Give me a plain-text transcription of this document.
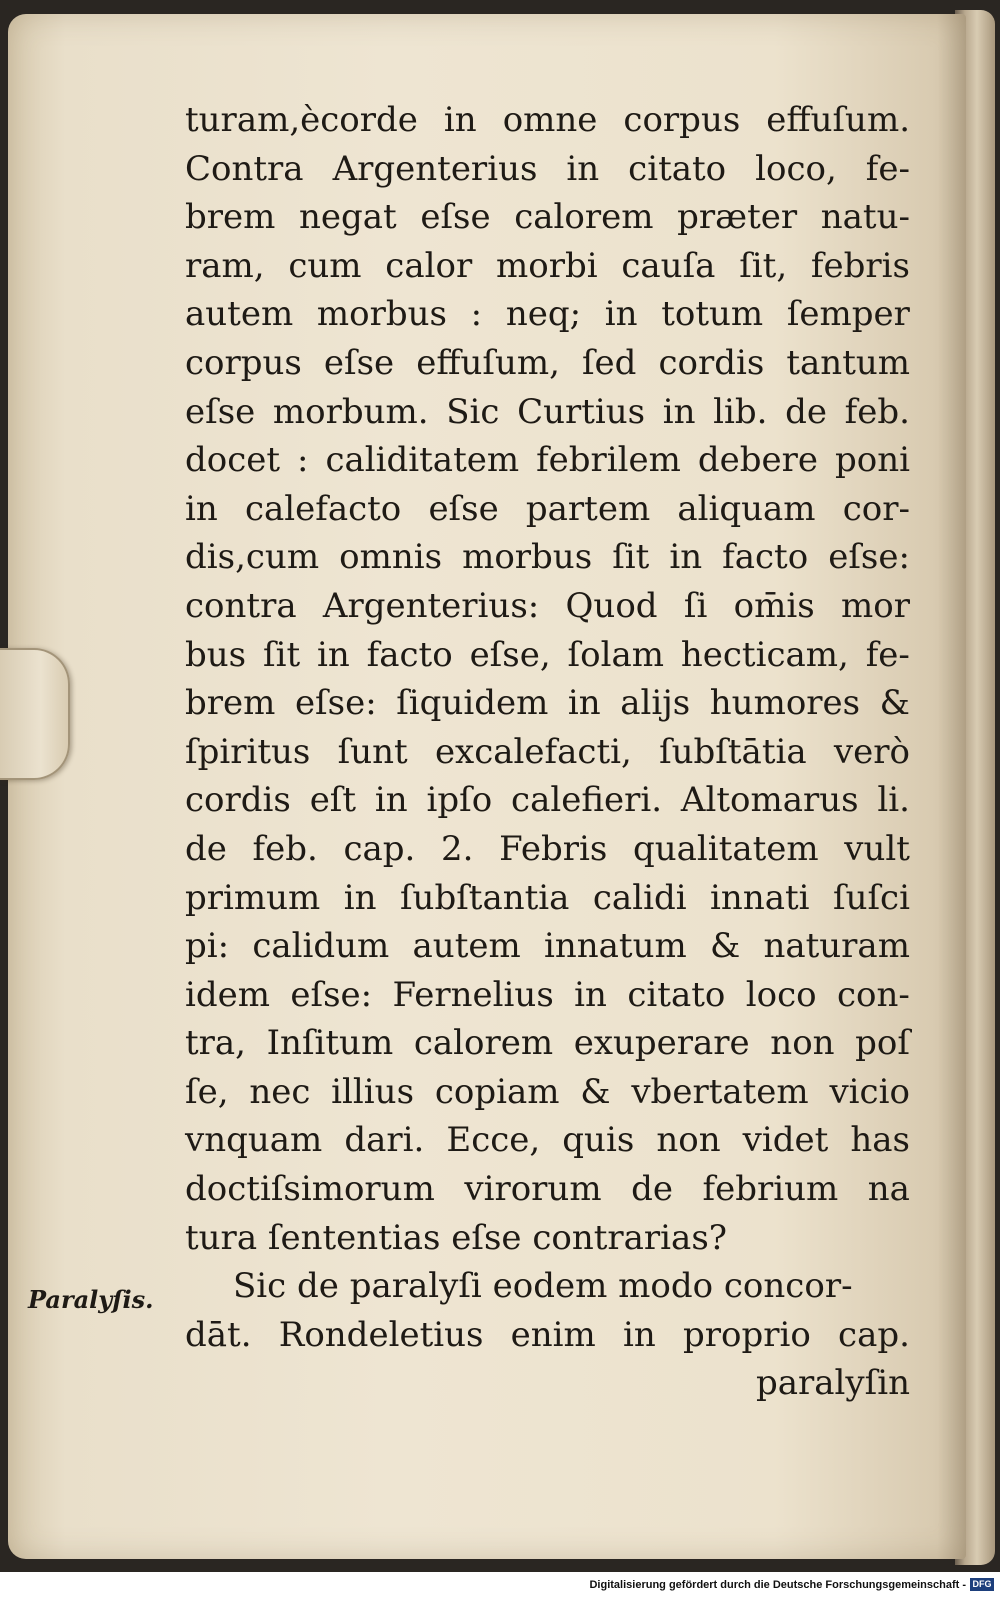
turam,ècorde in omne corpus effuſum.
Contra Argenterius in citato loco, fe-
brem negat eſse calorem præter natu-
ram, cum calor morbi cauſa ſit, febris
autem morbus : neq; in totum ſemper
corpus eſse effuſum, ſed cordis tantum
eſse morbum. Sic Curtius in lib. de feb.
docet : caliditatem febrilem debere poni
in calefacto eſse partem aliquam cor-
dis,cum omnis morbus ſit in facto eſse:
contra Argenterius: Quod ſi om̄is mor
bus ſit in facto eſse, ſolam hecticam, fe-
brem eſse: ſiquidem in alijs humores &
ſpiritus ſunt excalefacti, ſubſtātia verò
cordis eſt in ipſo calefieri. Altomarus li.
de feb. cap. 2. Febris qualitatem vult
primum in ſubſtantia calidi innati ſuſci
pi: calidum autem innatum & naturam
idem eſse: Fernelius in citato loco con-
tra, Inſitum calorem exuperare non poſ
ſe, nec illius copiam & vbertatem vicio
vnquam dari. Ecce, quis non videt has
doctiſsimorum virorum de febrium na
tura ſententias eſse contrarias?
Sic de paralyſi eodem modo concor-
dāt. Rondeletius enim in proprio cap.
paralyſin
Paralyſis.
Digitalisierung gefördert durch die Deutsche Forschungsgemeinschaft - DFG
